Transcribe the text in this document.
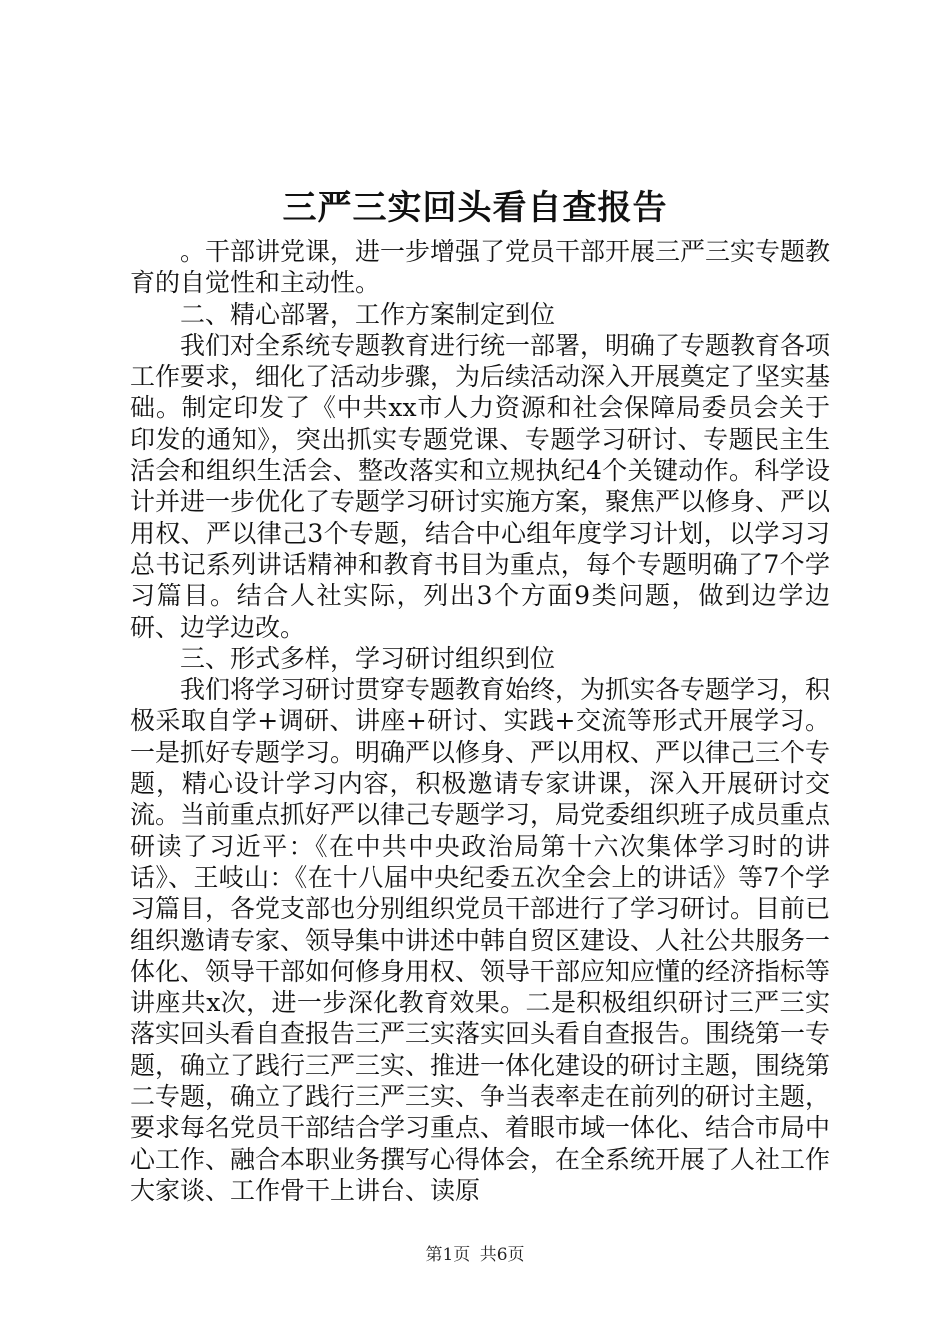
三严三实回头看自查报告

。干部讲党课，进一步增强了党员干部开展三严三实专题教育的自觉性和主动性。

二、精心部署，工作方案制定到位

我们对全系统专题教育进行统一部署，明确了专题教育各项工作要求，细化了活动步骤，为后续活动深入开展奠定了坚实基础。制定印发了《中共xx市人力资源和社会保障局委员会关于印发的通知》，突出抓实专题党课、专题学习研讨、专题民主生活会和组织生活会、整改落实和立规执纪4个关键动作。科学设计并进一步优化了专题学习研讨实施方案，聚焦严以修身、严以用权、严以律己3个专题，结合中心组年度学习计划，以学习习总书记系列讲话精神和教育书目为重点，每个专题明确了7个学习篇目。结合人社实际，列出3个方面9类问题，做到边学边研、边学边改。

三、形式多样，学习研讨组织到位

我们将学习研讨贯穿专题教育始终，为抓实各专题学习，积极采取自学+调研、讲座+研讨、实践+交流等形式开展学习。一是抓好专题学习。明确严以修身、严以用权、严以律己三个专题，精心设计学习内容，积极邀请专家讲课，深入开展研讨交流。当前重点抓好严以律己专题学习，局党委组织班子成员重点研读了习近平：《在中共中央政治局第十六次集体学习时的讲话》、王岐山：《在十八届中央纪委五次全会上的讲话》等7个学习篇目，各党支部也分别组织党员干部进行了学习研讨。目前已组织邀请专家、领导集中讲述中韩自贸区建设、人社公共服务一体化、领导干部如何修身用权、领导干部应知应懂的经济指标等讲座共x次，进一步深化教育效果。二是积极组织研讨三严三实落实回头看自查报告三严三实落实回头看自查报告。围绕第一专题，确立了践行三严三实、推进一体化建设的研讨主题，围绕第二专题，确立了践行三严三实、争当表率走在前列的研讨主题，要求每名党员干部结合学习重点、着眼市域一体化、结合市局中心工作、融合本职业务撰写心得体会，在全系统开展了人社工作大家谈、工作骨干上讲台、读原

第1页 共6页
